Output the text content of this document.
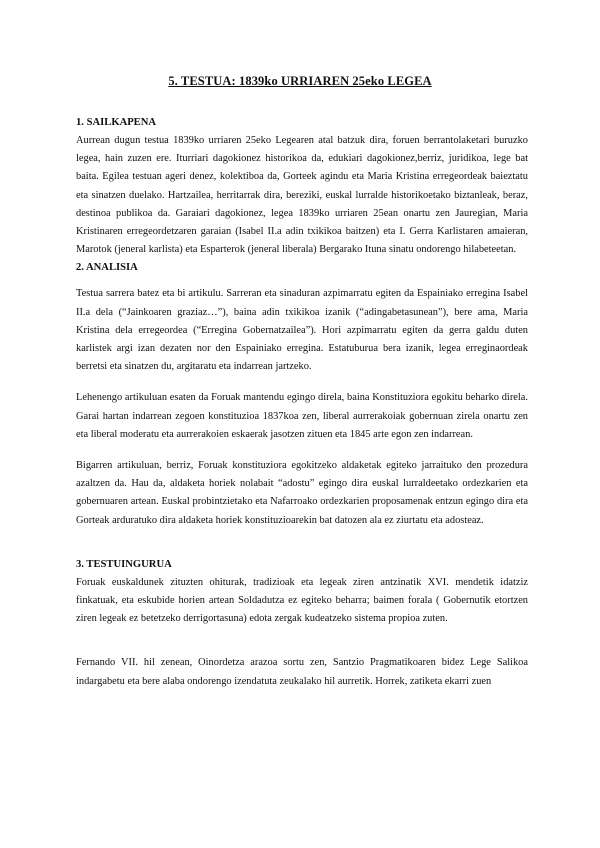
5. TESTUA: 1839ko URRIAREN 25eko LEGEA

1. SAILKAPENA

Aurrean dugun testua 1839ko urriaren 25eko Legearen atal batzuk dira, foruen berrantolaketari buruzko legea, hain zuzen ere. Iturriari dagokionez historikoa da, edukiari dagokionez,berriz, juridikoa, lege bat baita. Egilea testuan ageri denez, kolektiboa da, Gorteek agindu eta Maria Kristina erregeordeak baieztatu eta sinatzen duelako. Hartzailea, herritarrak dira, bereziki, euskal lurralde historikoetako biztanleak, beraz, destinoa publikoa da. Garaiari dagokionez, legea 1839ko urriaren 25ean onartu zen Jauregian, Maria Kristinaren erregeordetzaren garaian (Isabel II.a adin txikikoa baitzen) eta I. Gerra Karlistaren amaieran, Marotok (jeneral karlista) eta Esparterok (jeneral liberala) Bergarako Ituna sinatu ondorengo hilabeteetan.

2. ANALISIA

Testua sarrera batez eta bi artikulu. Sarreran eta sinaduran azpimarratu egiten da Espainiako erregina Isabel II.a dela (“Jainkoaren graziaz…”), baina adin txikikoa izanik (“adingabetasunean”), bere ama, Maria Kristina dela erregeordea (“Erregina Gobernatzailea”). Hori azpimarratu egiten da gerra galdu duten karlistek argi izan dezaten nor den Espainiako erregina. Estatuburua bera izanik, legea erreginaordeak berretsi eta sinatzen du, argitaratu eta indarrean jartzeko.

Lehenengo artikuluan esaten da Foruak mantendu egingo direla, baina Konstituziora egokitu beharko direla. Garai hartan indarrean zegoen konstituzioa 1837koa zen, liberal aurrerakoiak gobernuan zirela onartu zen eta liberal moderatu eta aurrerakoien eskaerak jasotzen zituen eta 1845 arte egon zen indarrean.

Bigarren artikuluan, berriz, Foruak konstituziora egokitzeko aldaketak egiteko jarraituko den prozedura azaltzen da. Hau da, aldaketa horiek nolabait “adostu” egingo dira euskal lurraldeetako ordezkarien eta gobernuaren artean. Euskal probintzietako eta Nafarroako ordezkarien proposamenak entzun egingo dira eta Gorteak arduratuko dira aldaketa horiek konstituzioarekin bat datozen ala ez ziurtatu eta adosteaz.

3. TESTUINGURUA

Foruak euskaldunek zituzten ohiturak, tradizioak eta legeak ziren antzinatik XVI. mendetik idatziz finkatuak, eta eskubide horien artean Soldadutza ez egiteko beharra; baimen forala ( Gobernutik etortzen ziren legeak ez betetzeko derrigortasuna) edota zergak kudeatzeko sistema propioa zuten.

Fernando VII. hil zenean, Oinordetza arazoa sortu zen, Santzio Pragmatikoaren bidez Lege Salikoa indargabetu eta bere alaba ondorengo izendatuta zeukalako hil aurretik. Horrek, zatiketa ekarri zuen
